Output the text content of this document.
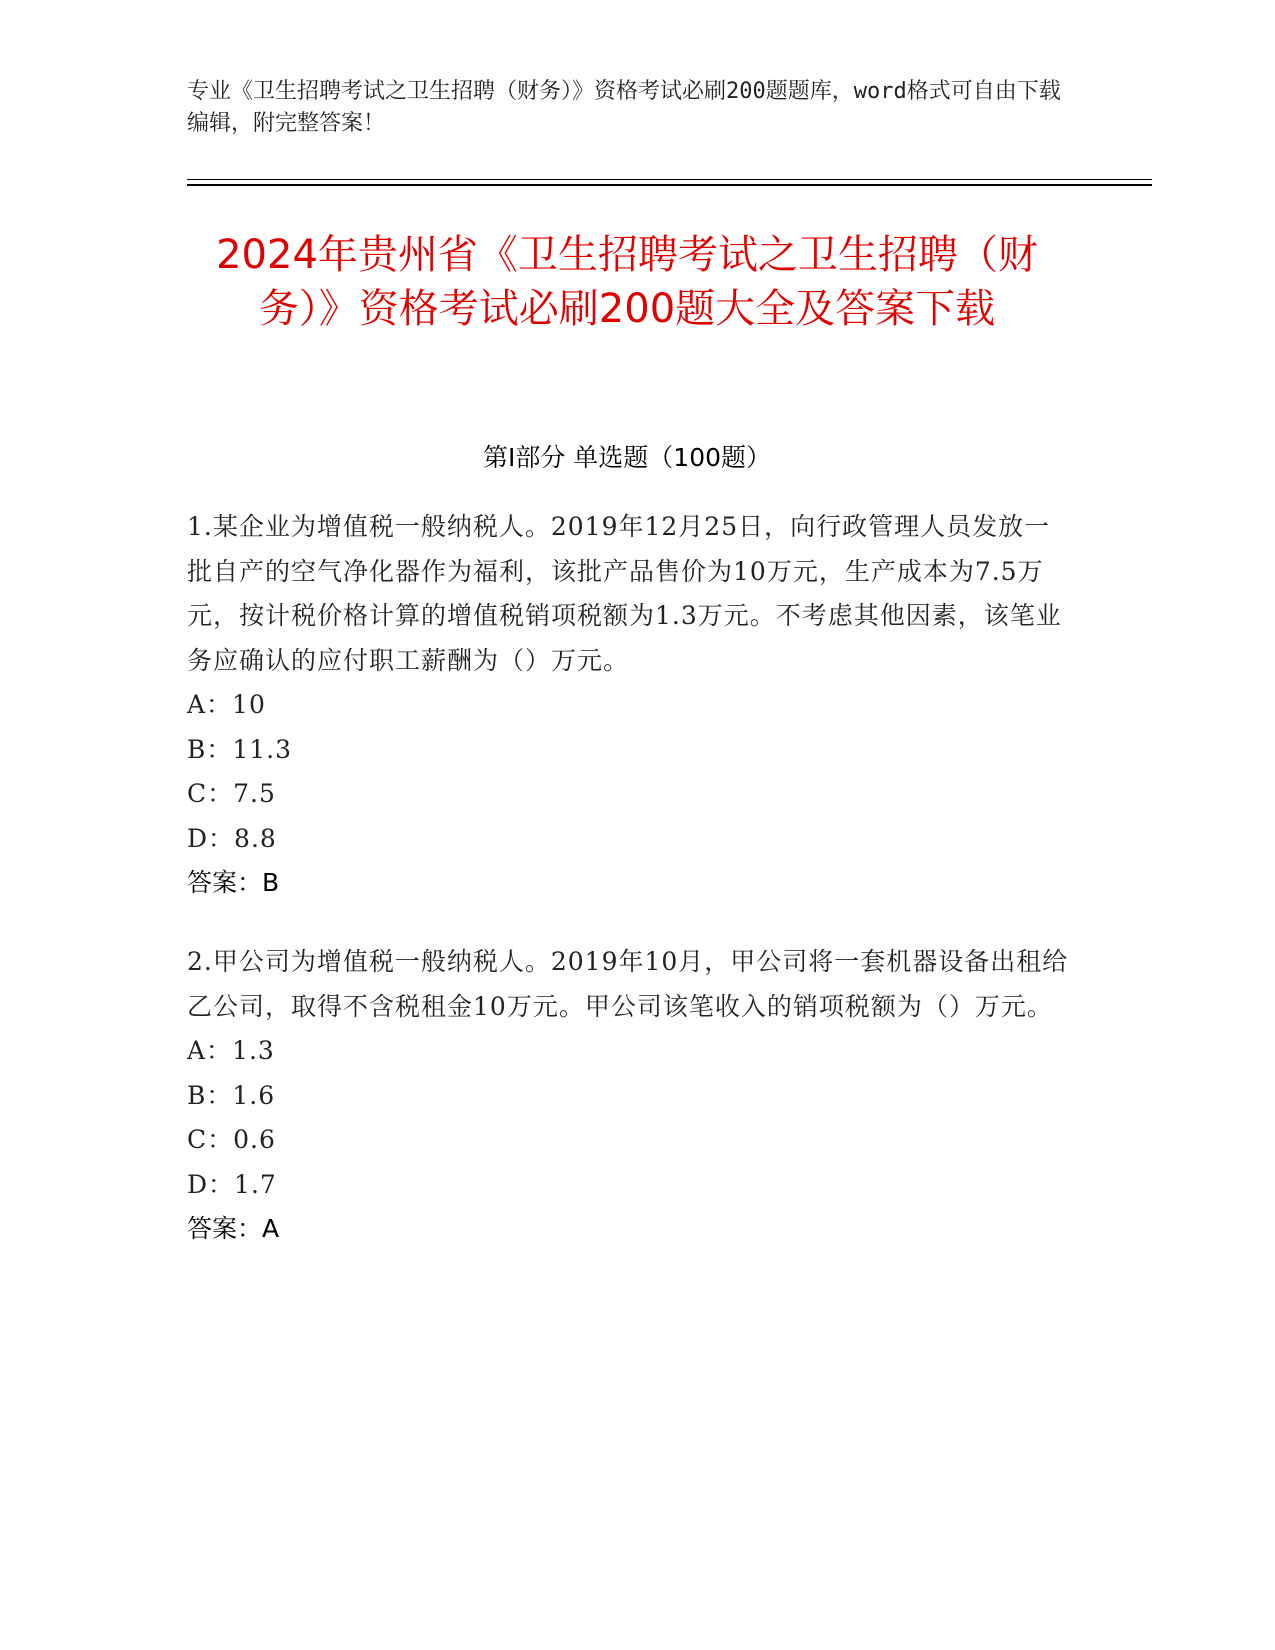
专业《卫生招聘考试之卫生招聘（财务）》资格考试必刷200题题库，word格式可自由下载编辑，附完整答案！
2024年贵州省《卫生招聘考试之卫生招聘（财务）》资格考试必刷200题大全及答案下载
第I部分 单选题（100题）

1.某企业为增值税一般纳税人。2019年12月25日，向行政管理人员发放一批自产的空气净化器作为福利，该批产品售价为10万元，生产成本为7.5万元，按计税价格计算的增值税销项税额为1.3万元。不考虑其他因素，该笔业务应确认的应付职工薪酬为（）万元。

A：10
B：11.3
C：7.5
D：8.8
答案：B

2.甲公司为增值税一般纳税人。2019年10月，甲公司将一套机器设备出租给乙公司，取得不含税租金10万元。甲公司该笔收入的销项税额为（）万元。

A：1.3
B：1.6
C：0.6
D：1.7
答案：A
